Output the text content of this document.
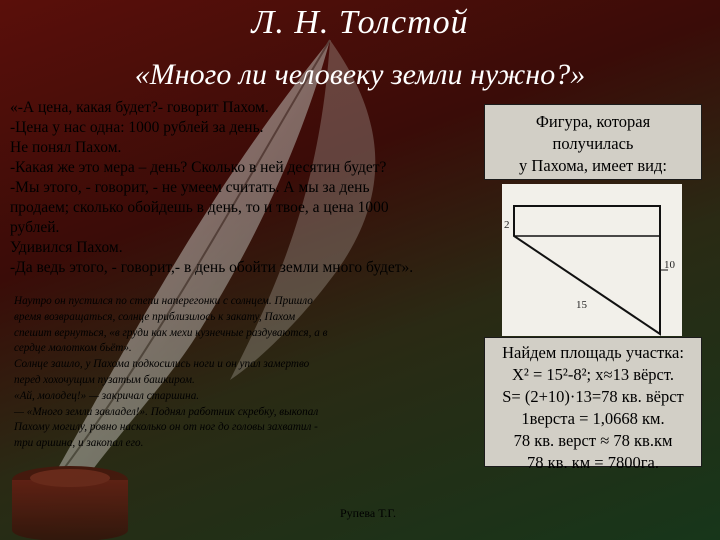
Л. Н. Толстой
«Много ли человеку земли нужно?»
«-А цена, какая будет?- говорит Пахом.
-Цена у нас одна: 1000 рублей за день.
Не понял Пахом.
-Какая же это мера – день? Сколько в ней десятин будет?
-Мы этого, - говорит, - не умеем считать. А мы за день
продаем; сколько обойдешь в день, то и твое, а цена 1000
рублей.
Удивился Пахом.
-Да ведь этого, - говорит,- в день обойти земли много будет».
Наутро он пустился по степи наперегонки с солнцем. Пришло
время возвращаться, солнце приблизилось к закату, Пахом
спешит вернуться, «в груди как мехи кузнечные раздуваются, а в
сердце молотком бьёт».
Солнце зашло, у Пахома подкосились ноги и он упал замертво
перед хохочущим пузатым башкиром.
«Ай, молодец!» — закричал старшина.
— «Много земли завладел!». Поднял работник скребку, выкопал
Пахому могилу, ровно насколько он от ног до головы захватил -
три аршина, и закопал его.
Фигура, которая
получилась
у Пахома, имеет вид:
2
10
15
Найдем площадь участка:
X² = 15²-8²; x≈13 вёрст.
S= (2+10)·13=78 кв. вёрст
1верста = 1,0668 км.
78 кв. верст ≈ 78 кв.км
78 кв. км = 7800га.
Рупева Т.Г.
